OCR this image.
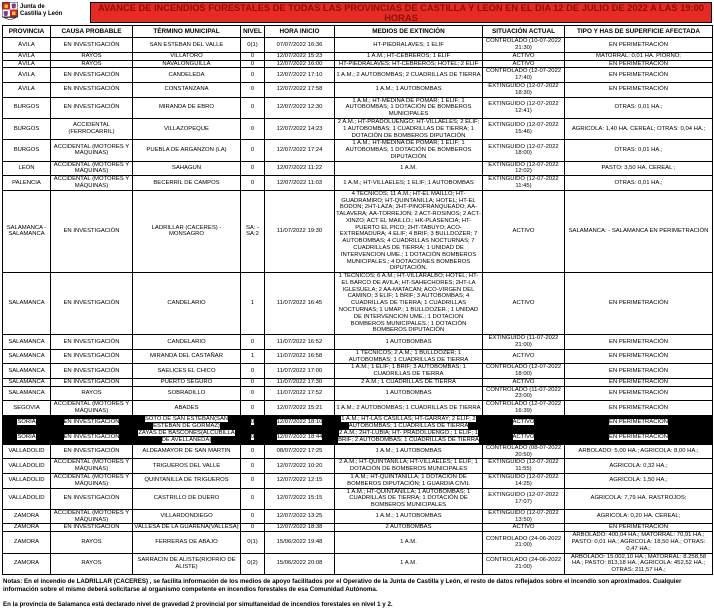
Junta de
Castilla y León
AVANCE DE INCENDIOS FORESTALES DE TODAS LAS PROVINCIAS DE CASTILLA Y LEÓN EN EL DIA 12 DE JULIO DE 2022 A LAS 19:00 HORAS
PROVINCIA	CAUSA PROBABLE	TÉRMINO MUNICIPAL	NIVEL	HORA INICIO	MEDIOS DE EXTINCIÓN	SITUACIÓN ACTUAL	TIPO Y HAS DE SUPERFICIE AFECTADA
ÁVILA	EN INVESTIGACIÓN	SAN ESTEBAN DEL VALLE	0(1)	07/07/2022 16:36	HT-PIEDRALAVES; 1 ELIF	CONTROLADO (10-07-2022 21:30)	EN PERIMETRACIÓN
ÁVILA	RAYOS	VILLATORO	0	12/07/2022 15:23	1 A.M.; HT-CEBREROS; 1 ELIF	ACTIVO	MATORRAL: 0,01 HA. PIORNO;
ÁVILA	RAYOS	NAVALONGUILLA	0	12/07/2022 16:00	HT-PIEDRALAVES; HT-CEBREROS; HOTEL; 2 ELIF	ACTIVO	EN PERIMETRACIÓN
ÁVILA	EN INVESTIGACIÓN	CANDELEDA	0	12/07/2022 17:10	1 A.M.; 2 AUTOBOMBAS; 2 CUADRILLAS DE TIERRA	CONTROLADO (12-07-2022 17:40)	EN PERIMETRACIÓN
ÁVILA	EN INVESTIGACIÓN	CONSTANZANA	0	12/07/2022 17:58	1 A.M.; 1 AUTOBOMBAS	EXTINGUIDO (12-07-2022 18:30)	EN PERIMETRACIÓN
BURGOS	EN INVESTIGACIÓN	MIRANDA DE EBRO	0	12/07/2022 12:30	1 A.M.; HT-MEDINA DE POMAR; 1 ELIF; 1 AUTOBOMBAS; 1 DOTACIÓN DE BOMBEROS MUNICIPALES	EXTINGUIDO (12-07-2022 12:41)	OTRAS: 0,01 HA.;
BURGOS	ACCIDENTAL (FERROCARRIL)	VILLAZOPEQUE	0	12/07/2022 14:23	2 A.M.; HT-PRADOLUENGO; HT-VILLAELES; 2 ELIF; 1 AUTOBOMBAS; 1 CUADRILLAS DE TIERRA; 1 DOTACIÓN DE BOMBEROS DIPUTACIÓN	EXTINGUIDO (12-07-2022 15:46)	AGRICOLA: 1,40 HA. CEREAL; OTRAS: 0,04 HA.;
BURGOS	ACCIDENTAL (MOTORES Y MÁQUINAS)	PUEBLA DE ARGANZON (LA)	0	12/07/2022 17:24	1 A.M.; HT-MEDINA DE POMAR; 1 ELIF; 1 AUTOBOMBAS; 1 DOTACIÓN DE BOMBEROS DIPUTACIÓN	EXTINGUIDO (12-07-2022 18:00)	OTRAS: 0,01 HA.;
LEÓN	ACCIDENTAL (MOTORES Y MÁQUINAS)	SAHAGUN	0	12/07/2022 11:22	1 A.M.	EXTINGUIDO (12-07-2022 12:02)	PASTO: 3,50 HA. CEREAL ;
PALENCIA	ACCIDENTAL (MOTORES Y MÁQUINAS)	BECERRIL DE CAMPOS	0	12/07/2022 11:03	1 A.M.; HT-VILLAELES; 1 ELIF; 1 AUTOBOMBAS	EXTINGUIDO (12-07-2022 11:45)	OTRAS: 0,01 HA.;
SALAMANCA - SALAMANCA	EN INVESTIGACIÓN	LADRILLAR (CACERES) - MONSAGRO	SA: - SA:2	11/07/2022 19:30	4 TÉCNICOS; 11 A.M.; HT-EL MAILLO; HT-GUADRAMIRO; HT-QUINTANILLA; HOTEL; HT-EL BODON; 2HT-LAZA; 2HT-PINOFRANQUEADO; AA-TALAVERA; AA-TORREJON; 2 ACT-ROSINOS; 2 ACT-XINZO; ACT EL MAILLO.; HK-PLASENCIA; HT-PUERTO EL PICO; 2HT-TABUYO; ACO-EXTREMADURA; 4 ELIF; 4 BRIF; 3 BULLDOZER; 7 AUTOBOMBAS; 4 CUADRILLAS NOCTURNAS; 7 CUADRILLAS DE TIERRA; 1 UNIDAD DE INTERVENCION UME.; 1 DOTACIÓN BOMBEROS MUNICIPALES.; 4 DOTACIONES BOMBEROS DIPUTACIÓN.	ACTIVO	SALAMANCA: - SALAMANCA EN PERIMETRACIÓN
SALAMANCA	EN INVESTIGACIÓN	CANDELARIO	1	11/07/2022 16:45	1 TÉCNICOS; 6 A.M.; HT-VILLARALBO; HOTEL; HT-EL BARCO DE AVILA; HT-SAHECHORES; 2HT-LA IGLESUELA; 2 AA-MATACAN; ACO-VIRGEN DEL CAMINO; 3 ELIF; 1 BRIF; 3 AUTOBOMBAS; 4 CUADRILLAS DE TIERRA; 1 CUADRILLAS NOCTURNAS; 1 UMAP.; 1 BULLDOZER.; 1 UNIDAD DE INTERVENCION UME.; 1 DOTACION BOMBEROS MUNICIPALES.; 1 DOTACIÓN BOMBEROS DIPUTACIÓN	ACTIVO	EN PERIMETRACIÓN
SALAMANCA	EN INVESTIGACIÓN	CANDELARIO	0	11/07/2022 16:52	1 AUTOBOMBAS	EXTINGUIDO (11-07-2022 21:00)	EN PERIMETRACIÓN
SALAMANCA	EN INVESTIGACIÓN	MIRANDA DEL CASTAÑAR	1	11/07/2022 16:58	1 TÉCNICOS; 2 A.M.; 1 BULLDOZER; 1 AUTOBOMBAS; 1 CUADRILLAS DE TIERRA	ACTIVO	EN PERIMETRACIÓN
SALAMANCA	EN INVESTIGACIÓN	SAELICES EL CHICO	0	11/07/2022 17:00	1 A.M.; 1 ELIF; 1 BRIF; 3 AUTOBOMBAS; 1 CUADRILLAS DE TIERRA	CONTROLADO (12-07-2022 18:00)	EN PERIMETRACIÓN
SALAMANCA	EN INVESTIGACIÓN	PUERTO SEGURO	0	11/07/2022 17:30	2 A.M.; 1 CUADRILLAS DE TIERRA	ACTIVO	EN PERIMETRACIÓN
SALAMANCA	RAYOS	SOBRADILLO	0	11/07/2022 17:52	1 AUTOBOMBAS	CONTROLADO (11-07-2022 23:00)	EN PERIMETRACIÓN
SEGOVIA	ACCIDENTAL (MOTORES Y MÁQUINAS)	ABADES	0	12/07/2022 15:21	1 A.M.; 2 AUTOBOMBAS; 1 CUADRILLAS DE TIERRA	CONTROLADO (12-07-2022 16:39)	EN PERIMETRACIÓN
SORIA	EN INVESTIGACIÓN	SOTO DE SAN ESTEBAN(SAN ESTEBAN DE GORMAZ)	0	12/07/2022 18:10	1 A.M.; HT-LAS CASILLAS; HT-GARRAY; 2 ELIF; 2 AUTOBOMBAS; 1 CUADRILLAS DE TIERRA	ACTIVO	EN PERIMETRACIÓN
SORIA	EN INVESTIGACIÓN	ZAYAS DE BASCONES(ALCUBILLA DE AVELLANEDA)	0	12/07/2022 18:44	2 A.M.; 2HT-LUBIA; HT- PRADOLUENGO.; 1 ELIF; 1 BRIF; 2 AUTOBOMBAS; 1 CUADRILLAS DE TIERRA	ACTIVO	EN PERIMETRACIÓN
VALLADOLID	EN INVESTIGACIÓN	ALDEAMAYOR DE SAN MARTIN	0	08/07/2022 17:25	1 A.M.; 1 AUTOBOMBAS	CONTROLADO (08-07-2022 20:50)	ARBOLADO: 5,00 HA.; AGRICOLA: 8,00 HA.;
VALLADOLID	ACCIDENTAL (MOTORES Y MÁQUINAS)	TRIGUEROS DEL VALLE	0	12/07/2022 10:20	2 A.M.; HT-QUINTANILLA; HT-VILLAELES; 1 ELIF; 1 DOTACIÓN DE BOMBEROS MUNICIPALES	EXTINGUIDO (12-07-2022 11:55)	AGRICOLA: 0,32 HA.;
VALLADOLID	ACCIDENTAL (MOTORES Y MÁQUINAS)	QUINTANILLA DE TRIGUEROS	0	12/07/2022 12:15	1 A.M.; HT-QUINTANILLA; 1 DOTACIÓN DE BOMBEROS DIPUTACIÓN; 1 GUARDIA CIVIL	EXTINGUIDO (12-07-2022 14:25)	AGRICOLA: 1,50 HA.;
VALLADOLID	EN INVESTIGACIÓN	CASTRILLO DE DUERO	0	12/07/2022 15:15	1 A.M.; HT-QUINTANILLA; 1 AUTOBOMBAS; 1 CUADRILLAS DE TIERRA; 1 DOTACIÓN DE BOMBEROS MUNICIPALES	EXTINGUIDO (12-07-2022 17:07)	AGRICOLA: 7,79 HA. RASTROJOS;
ZAMORA	ACCIDENTAL (MOTORES Y MÁQUINAS)	VILLARDONDIEGO	0	12/07/2022 13:25	1 A.M.; 1 AUTOBOMBAS	EXTINGUIDO (12-07-2022 13:50)	AGRICOLA: 0,20 HA. CEREAL;
ZAMORA	EN INVESTIGACIÓN	VALLESA DE LA GUAREÑA(VALLESA)	0	12/07/2022 18:38	2 AUTOBOMBAS	ACTIVO	EN PERIMETRACIÓN
ZAMORA	RAYOS	FERRERAS DE ABAJO	0(1)	15/06/2022 19:48	1 A.M.	CONTROLADO (24-06-2022 21:00)	ARBOLADO: 400,04 HA.; MATORRAL: 70,91 HA.; PASTO: 0,01 HA.; AGRICOLA: 18,50 HA.; OTRAS: 0,47 HA.;
ZAMORA	RAYOS	SARRACIN DE ALISTE(RIOFRIO DE ALISTE)	0(2)	15/06/2022 20:08	1 A.M.	CONTROLADO (24-06-2022 21:00)	ARBOLADO: 15.002,10 HA.; MATORRAL: 8.258,58 HA.; PASTO: 813,18 HA.; AGRICOLA: 452,52 HA.; OTRAS: 211,57 HA.;

Notas: En el incendio de LADRILLAR (CACERES) , se facilita información de los medios de apoyo facilitados por el Operativo de la Junta de Castilla y León, el resto de datos reflejados sobre el incendio son aproximados. Cualquier información sobre el mismo deberá solicitarse al organismo competente en incendios forestales de esa Comunidad Autónoma.

En la provincia de Salamanca está declarado nivel de gravedad 2 provincial por simultaneidad de incendios forestales en nivel 1 y 2.
